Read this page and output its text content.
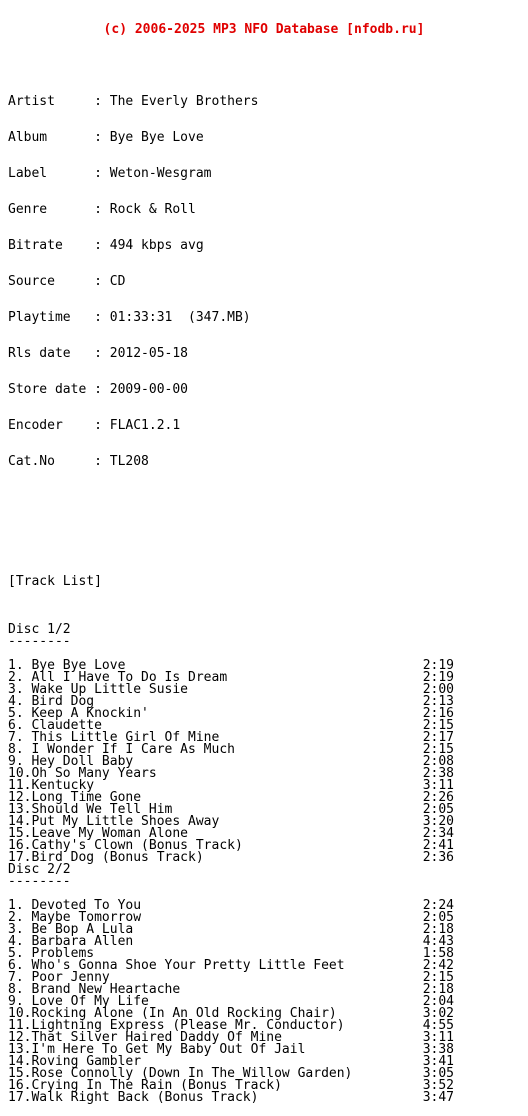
(c) 2006-2025 MP3 NFO Database [nfodb.ru]

Artist     : The Everly Brothers

Album      : Bye Bye Love

Label      : Weton-Wesgram

Genre      : Rock & Roll

Bitrate    : 494 kbps avg

Source     : CD

Playtime   : 01:33:31  (347.MB)

Rls date   : 2012-05-18

Store date : 2009-00-00

Encoder    : FLAC1.2.1

Cat.No     : TL208

[Track List]

Disc 1/2
--------
1. Bye Bye Love	2:19
2. All I Have To Do Is Dream	2:19
3. Wake Up Little Susie	2:00
4. Bird Dog	2:13
5. Keep A Knockin'	2:16
6. Claudette	2:15
7. This Little Girl Of Mine	2:17
8. I Wonder If I Care As Much	2:15
9. Hey Doll Baby	2:08
10.Oh So Many Years	2:38
11.Kentucky	3:11
12.Long Time Gone	2:26
13.Should We Tell Him	2:05
14.Put My Little Shoes Away	3:20
15.Leave My Woman Alone	2:34
16.Cathy's Clown (Bonus Track)	2:41
17.Bird Dog (Bonus Track)	2:36
Disc 2/2
--------
1. Devoted To You	2:24
2. Maybe Tomorrow	2:05
3. Be Bop A Lula	2:18
4. Barbara Allen	4:43
5. Problems	1:58
6. Who's Gonna Shoe Your Pretty Little Feet	2:42
7. Poor Jenny	2:15
8. Brand New Heartache	2:18
9. Love Of My Life	2:04
10.Rocking Alone (In An Old Rocking Chair)	3:02
11.Lightning Express (Please Mr. Conductor)	4:55
12.That Silver Haired Daddy Of Mine	3:11
13.I'm Here To Get My Baby Out Of Jail	3:38
14.Roving Gambler	3:41
15.Rose Connolly (Down In The Willow Garden)	3:05
16.Crying In The Rain (Bonus Track)	3:52
17.Walk Right Back (Bonus Track)	3:47
